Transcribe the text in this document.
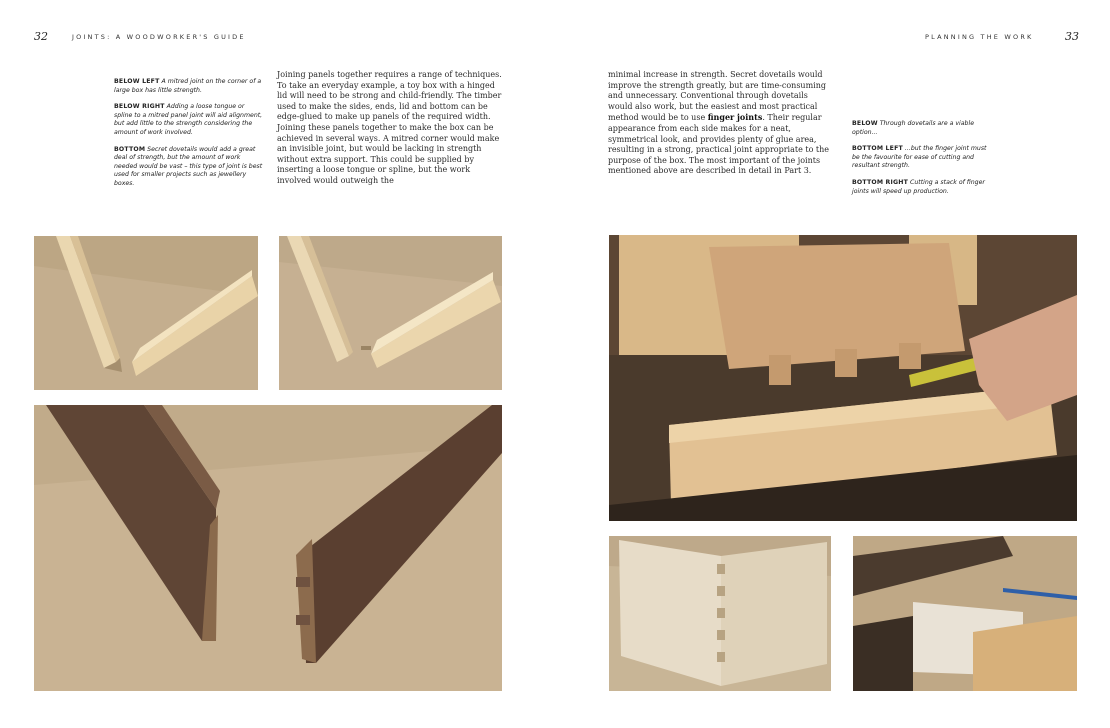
32	JOINTS: A WOODWORKER'S GUIDE

BELOW LEFT A mitred joint on the corner of a large box has little strength.

BELOW RIGHT Adding a loose tongue or spline to a mitred panel joint will aid alignment, but add little to the strength considering the amount of work involved.

BOTTOM Secret dovetails would add a great deal of strength, but the amount of work needed would be vast – this type of joint is best used for smaller projects such as jewellery boxes.

Joining panels together requires a range of techniques. To take an everyday example, a toy box with a hinged lid will need to be strong and child-friendly. The timber used to make the sides, ends, lid and bottom can be edge-glued to make up panels of the required width. Joining these panels together to make the box can be achieved in several ways. A mitred corner would make an invisible joint, but would be lacking in strength without extra support. This could be supplied by inserting a loose tongue or spline, but the work involved would outweigh the

PLANNING THE WORK	33

minimal increase in strength. Secret dovetails would improve the strength greatly, but are time-consuming and unnecessary. Conventional through dovetails would also work, but the easiest and most practical method would be to use finger joints. Their regular appearance from each side makes for a neat, symmetrical look, and provides plenty of glue area, resulting in a strong, practical joint appropriate to the purpose of the box. The most important of the joints mentioned above are described in detail in Part 3.

BELOW Through dovetails are a viable option...

BOTTOM LEFT ...but the finger joint must be the favourite for ease of cutting and resultant strength.

BOTTOM RIGHT Cutting a stack of finger joints will speed up production.
